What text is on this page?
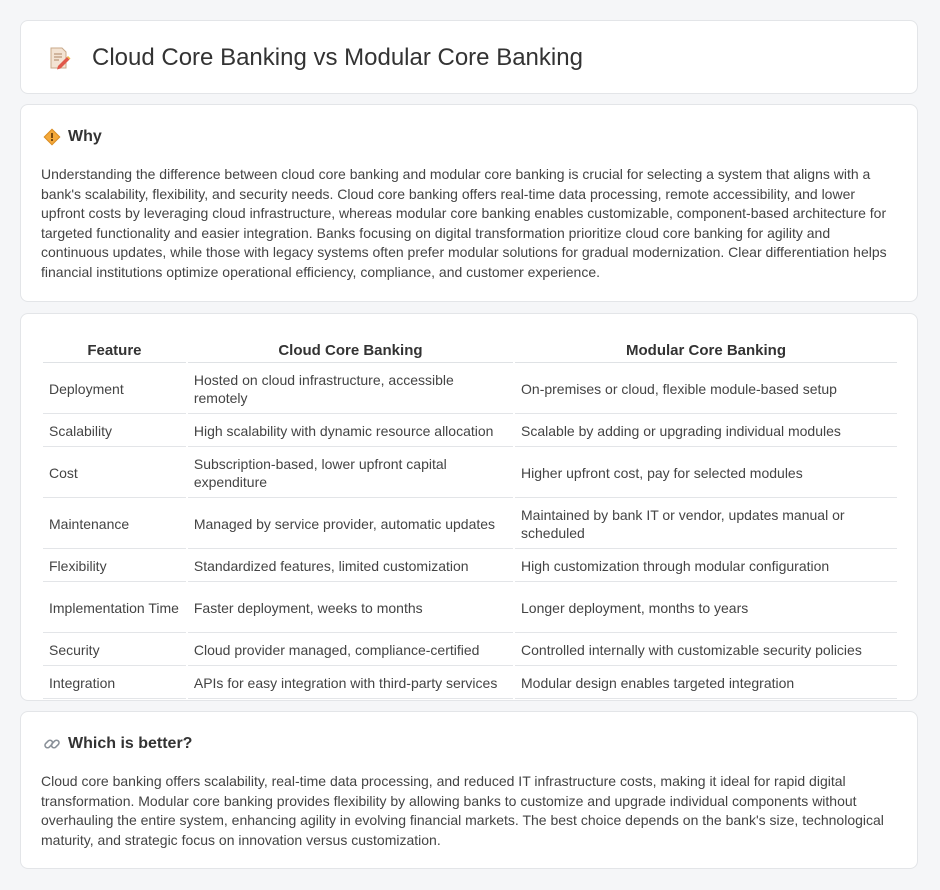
Cloud Core Banking vs Modular Core Banking
Why

Understanding the difference between cloud core banking and modular core banking is crucial for selecting a system that aligns with a bank's scalability, flexibility, and security needs. Cloud core banking offers real-time data processing, remote accessibility, and lower upfront costs by leveraging cloud infrastructure, whereas modular core banking enables customizable, component-based architecture for targeted functionality and easier integration. Banks focusing on digital transformation prioritize cloud core banking for agility and continuous updates, while those with legacy systems often prefer modular solutions for gradual modernization. Clear differentiation helps financial institutions optimize operational efficiency, compliance, and customer experience.

Feature	Cloud Core Banking	Modular Core Banking
Deployment	Hosted on cloud infrastructure, accessible remotely	On-premises or cloud, flexible module-based setup
Scalability	High scalability with dynamic resource allocation	Scalable by adding or upgrading individual modules
Cost	Subscription-based, lower upfront capital expenditure	Higher upfront cost, pay for selected modules
Maintenance	Managed by service provider, automatic updates	Maintained by bank IT or vendor, updates manual or scheduled
Flexibility	Standardized features, limited customization	High customization through modular configuration
Implementation Time	Faster deployment, weeks to months	Longer deployment, months to years
Security	Cloud provider managed, compliance-certified	Controlled internally with customizable security policies
Integration	APIs for easy integration with third-party services	Modular design enables targeted integration
Which is better?

Cloud core banking offers scalability, real-time data processing, and reduced IT infrastructure costs, making it ideal for rapid digital transformation. Modular core banking provides flexibility by allowing banks to customize and upgrade individual components without overhauling the entire system, enhancing agility in evolving financial markets. The best choice depends on the bank's size, technological maturity, and strategic focus on innovation versus customization.
